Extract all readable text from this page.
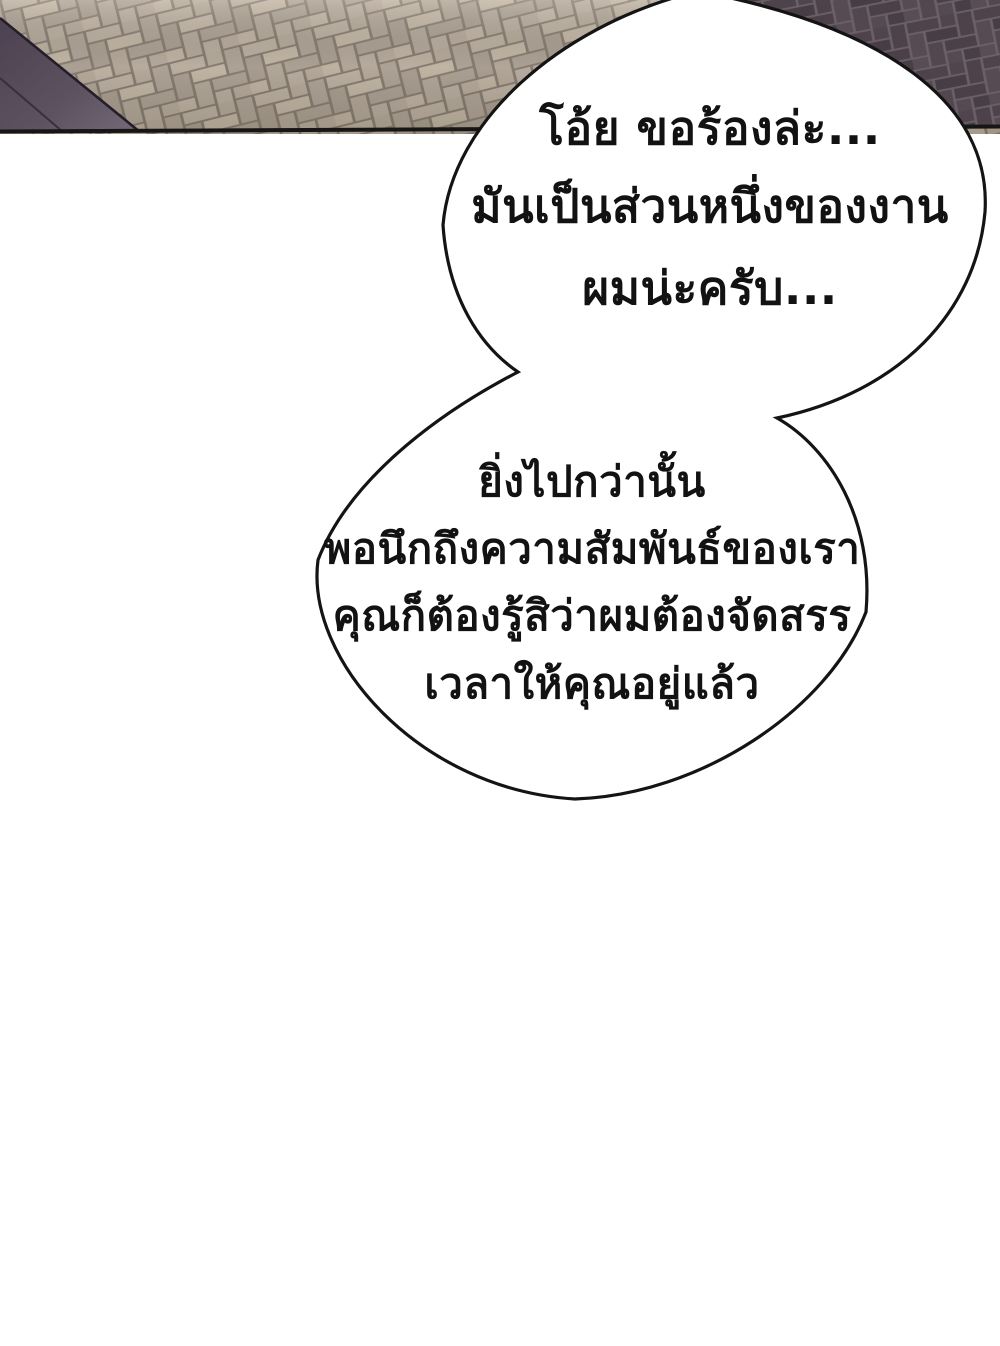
โอ้ย ขอร้องล่ะ...
มันเป็นส่วนหนึ่งของงาน
ผมน่ะครับ...
ยิ่งไปกว่านั้น
พอนึกถึงความสัมพันธ์ของเรา
คุณก็ต้องรู้สิว่าผมต้องจัดสรร
เวลาให้คุณอยู่แล้ว
